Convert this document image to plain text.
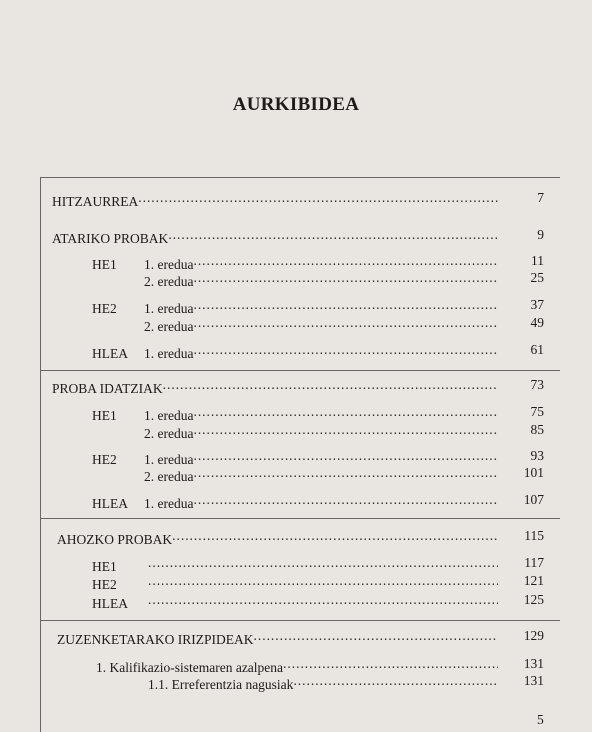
AURKIBIDEA
HITZAURREA . . .	7
ATARIKO PROBAK . . .	9
HE1	1. eredua . . .	11
2. eredua . . .	25
HE2	1. eredua . . .	37
2. eredua . . .	49
HLEA	1. eredua . . .	61
PROBA IDATZIAK . . .	73
HE1	1. eredua . . .	75
2. eredua . . .	85
HE2	1. eredua . . .	93
2. eredua . . .	101
HLEA	1. eredua . . .	107
AHOZKO PROBAK . . .	115
HE1 . . .	117
HE2 . . .	121
HLEA . . .	125
ZUZENKETARAKO IRIZPIDEAK . . .	129
1. Kalifikazio-sistemaren azalpena . . .	131
1.1. Erreferentzia nagusiak . . .	131
5
